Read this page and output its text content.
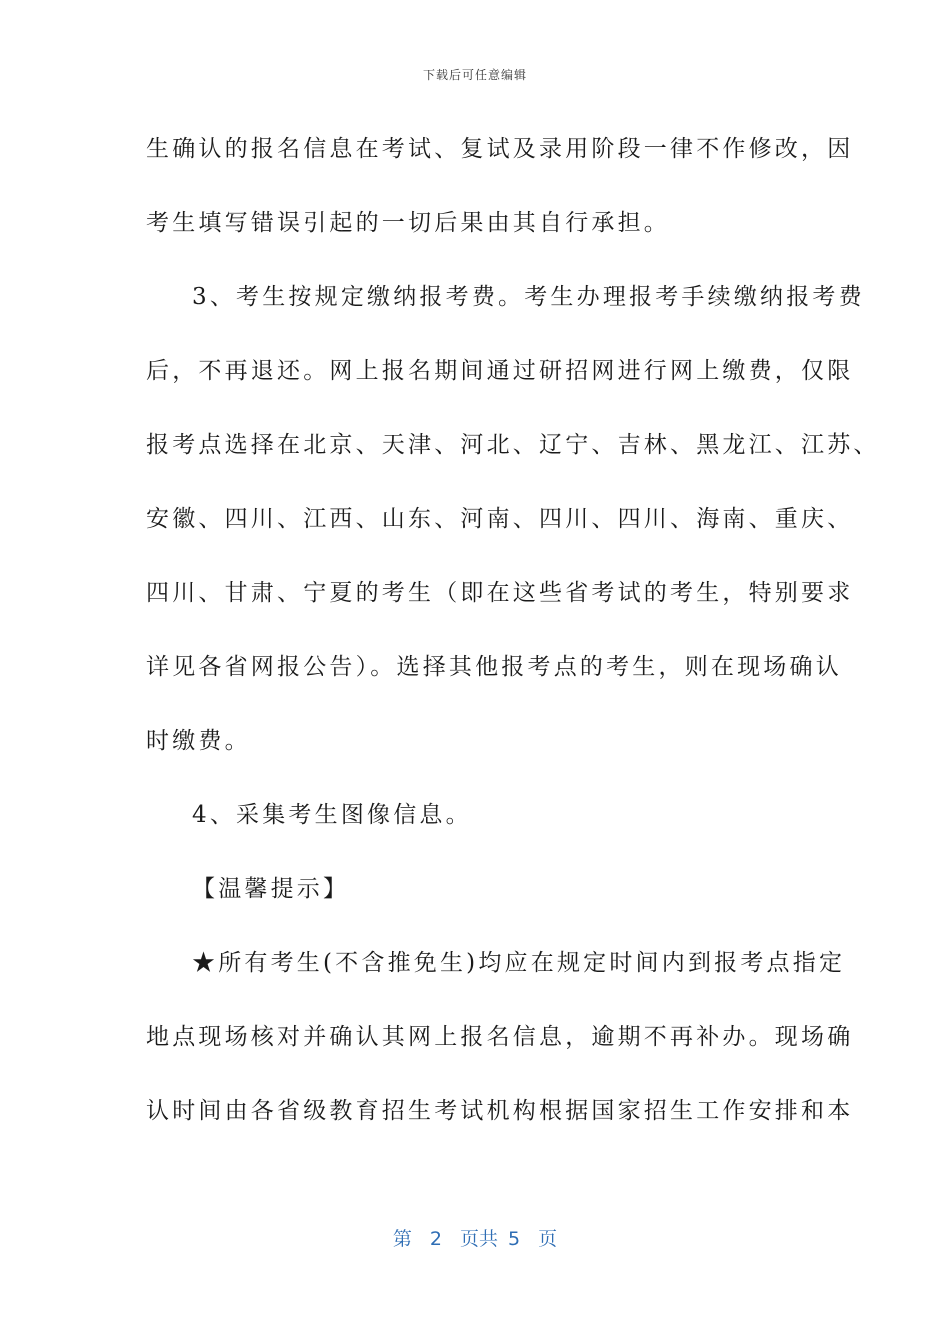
下载后可任意编辑
生确认的报名信息在考试、复试及录用阶段一律不作修改，因
考生填写错误引起的一切后果由其自行承担。
3、考生按规定缴纳报考费。考生办理报考手续缴纳报考费
后，不再退还。网上报名期间通过研招网进行网上缴费，仅限
报考点选择在北京、天津、河北、辽宁、吉林、黑龙江、江苏、
安徽、四川、江西、山东、河南、四川、四川、海南、重庆、
四川、甘肃、宁夏的考生（即在这些省考试的考生，特别要求
详见各省网报公告）。选择其他报考点的考生，则在现场确认
时缴费。
4、采集考生图像信息。
【温馨提示】
★所有考生(不含推免生)均应在规定时间内到报考点指定
地点现场核对并确认其网上报名信息，逾期不再补办。现场确
认时间由各省级教育招生考试机构根据国家招生工作安排和本
第 2 页共 5 页
